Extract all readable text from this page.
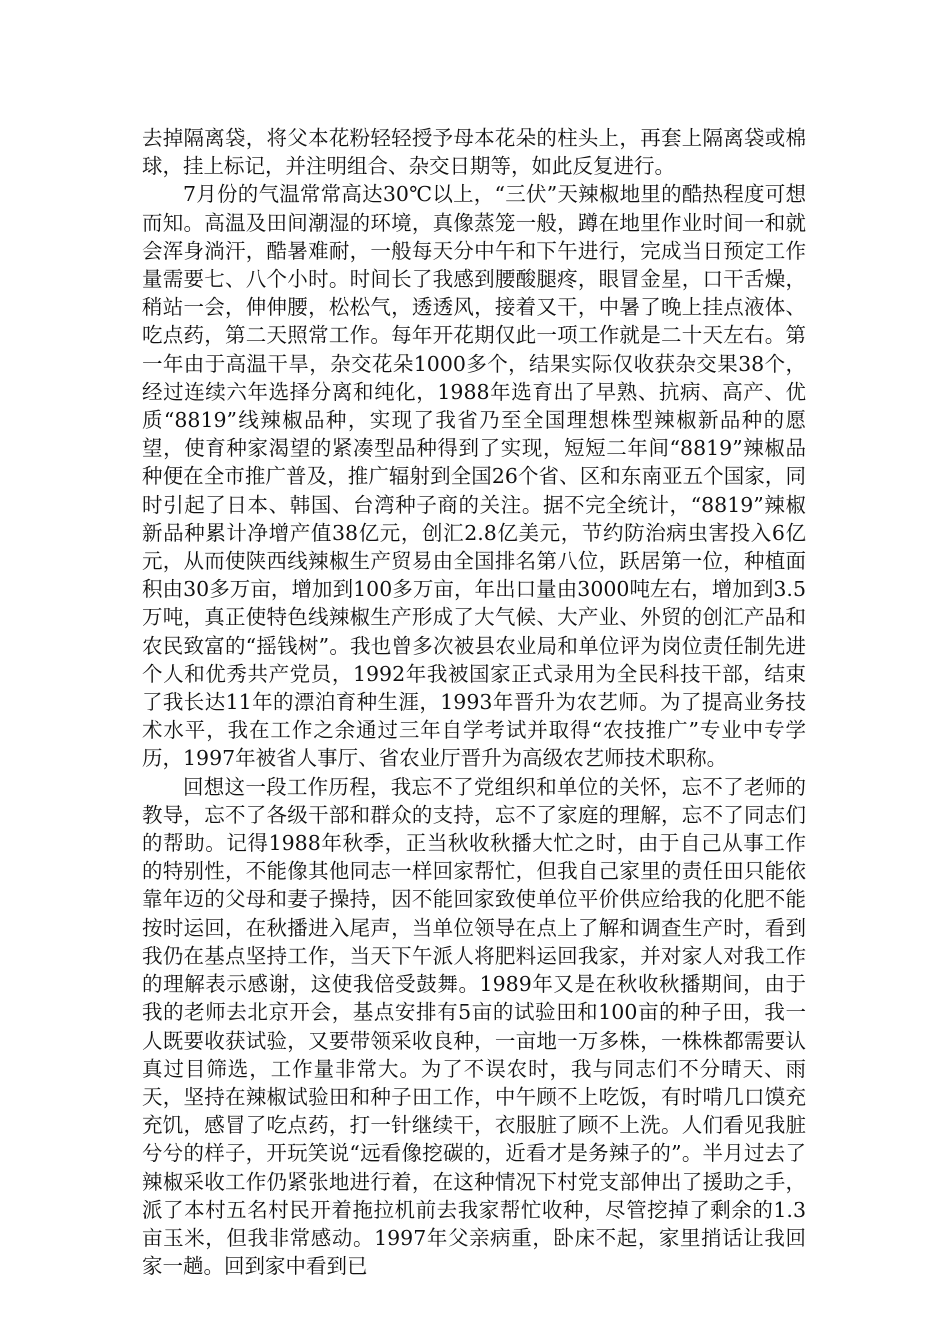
去掉隔离袋，将父本花粉轻轻授予母本花朵的柱头上，再套上隔离袋或棉球，挂上标记，并注明组合、杂交日期等，如此反复进行。

7月份的气温常常高达30℃以上，“三伏”天辣椒地里的酷热程度可想而知。高温及田间潮湿的环境，真像蒸笼一般，蹲在地里作业时间一和就会浑身淌汗，酷暑难耐，一般每天分中午和下午进行，完成当日预定工作量需要七、八个小时。时间长了我感到腰酸腿疼，眼冒金星，口干舌燥，稍站一会，伸伸腰，松松气，透透风，接着又干，中暑了晚上挂点液体、吃点药，第二天照常工作。每年开花期仅此一项工作就是二十天左右。第一年由于高温干旱，杂交花朵1000多个，结果实际仅收获杂交果38个，经过连续六年选择分离和纯化，1988年选育出了早熟、抗病、高产、优质“8819”线辣椒品种，实现了我省乃至全国理想株型辣椒新品种的愿望，使育种家渴望的紧凑型品种得到了实现，短短二年间“8819”辣椒品种便在全市推广普及，推广辐射到全国26个省、区和东南亚五个国家，同时引起了日本、韩国、台湾种子商的关注。据不完全统计，“8819”辣椒新品种累计净增产值38亿元，创汇2.8亿美元，节约防治病虫害投入6亿元，从而使陕西线辣椒生产贸易由全国排名第八位，跃居第一位，种植面积由30多万亩，增加到100多万亩，年出口量由3000吨左右，增加到3.5万吨，真正使特色线辣椒生产形成了大气候、大产业、外贸的创汇产品和农民致富的“摇钱树”。我也曾多次被县农业局和单位评为岗位责任制先进个人和优秀共产党员，1992年我被国家正式录用为全民科技干部，结束了我长达11年的漂泊育种生涯，1993年晋升为农艺师。为了提高业务技术水平，我在工作之余通过三年自学考试并取得“农技推广”专业中专学历，1997年被省人事厅、省农业厅晋升为高级农艺师技术职称。

回想这一段工作历程，我忘不了党组织和单位的关怀，忘不了老师的教导，忘不了各级干部和群众的支持，忘不了家庭的理解，忘不了同志们的帮助。记得1988年秋季，正当秋收秋播大忙之时，由于自己从事工作的特别性，不能像其他同志一样回家帮忙，但我自己家里的责任田只能依靠年迈的父母和妻子操持，因不能回家致使单位平价供应给我的化肥不能按时运回，在秋播进入尾声，当单位领导在点上了解和调查生产时，看到我仍在基点坚持工作，当天下午派人将肥料运回我家，并对家人对我工作的理解表示感谢，这使我倍受鼓舞。1989年又是在秋收秋播期间，由于我的老师去北京开会，基点安排有5亩的试验田和100亩的种子田，我一人既要收获试验，又要带领采收良种，一亩地一万多株，一株株都需要认真过目筛选，工作量非常大。为了不误农时，我与同志们不分晴天、雨天，坚持在辣椒试验田和种子田工作，中午顾不上吃饭，有时啃几口馍充充饥，感冒了吃点药，打一针继续干，衣服脏了顾不上洗。人们看见我脏兮兮的样子，开玩笑说“远看像挖碳的，近看才是务辣子的”。半月过去了辣椒采收工作仍紧张地进行着，在这种情况下村党支部伸出了援助之手，派了本村五名村民开着拖拉机前去我家帮忙收种，尽管挖掉了剩余的1.3亩玉米，但我非常感动。1997年父亲病重，卧床不起，家里捎话让我回家一趟。回到家中看到已
